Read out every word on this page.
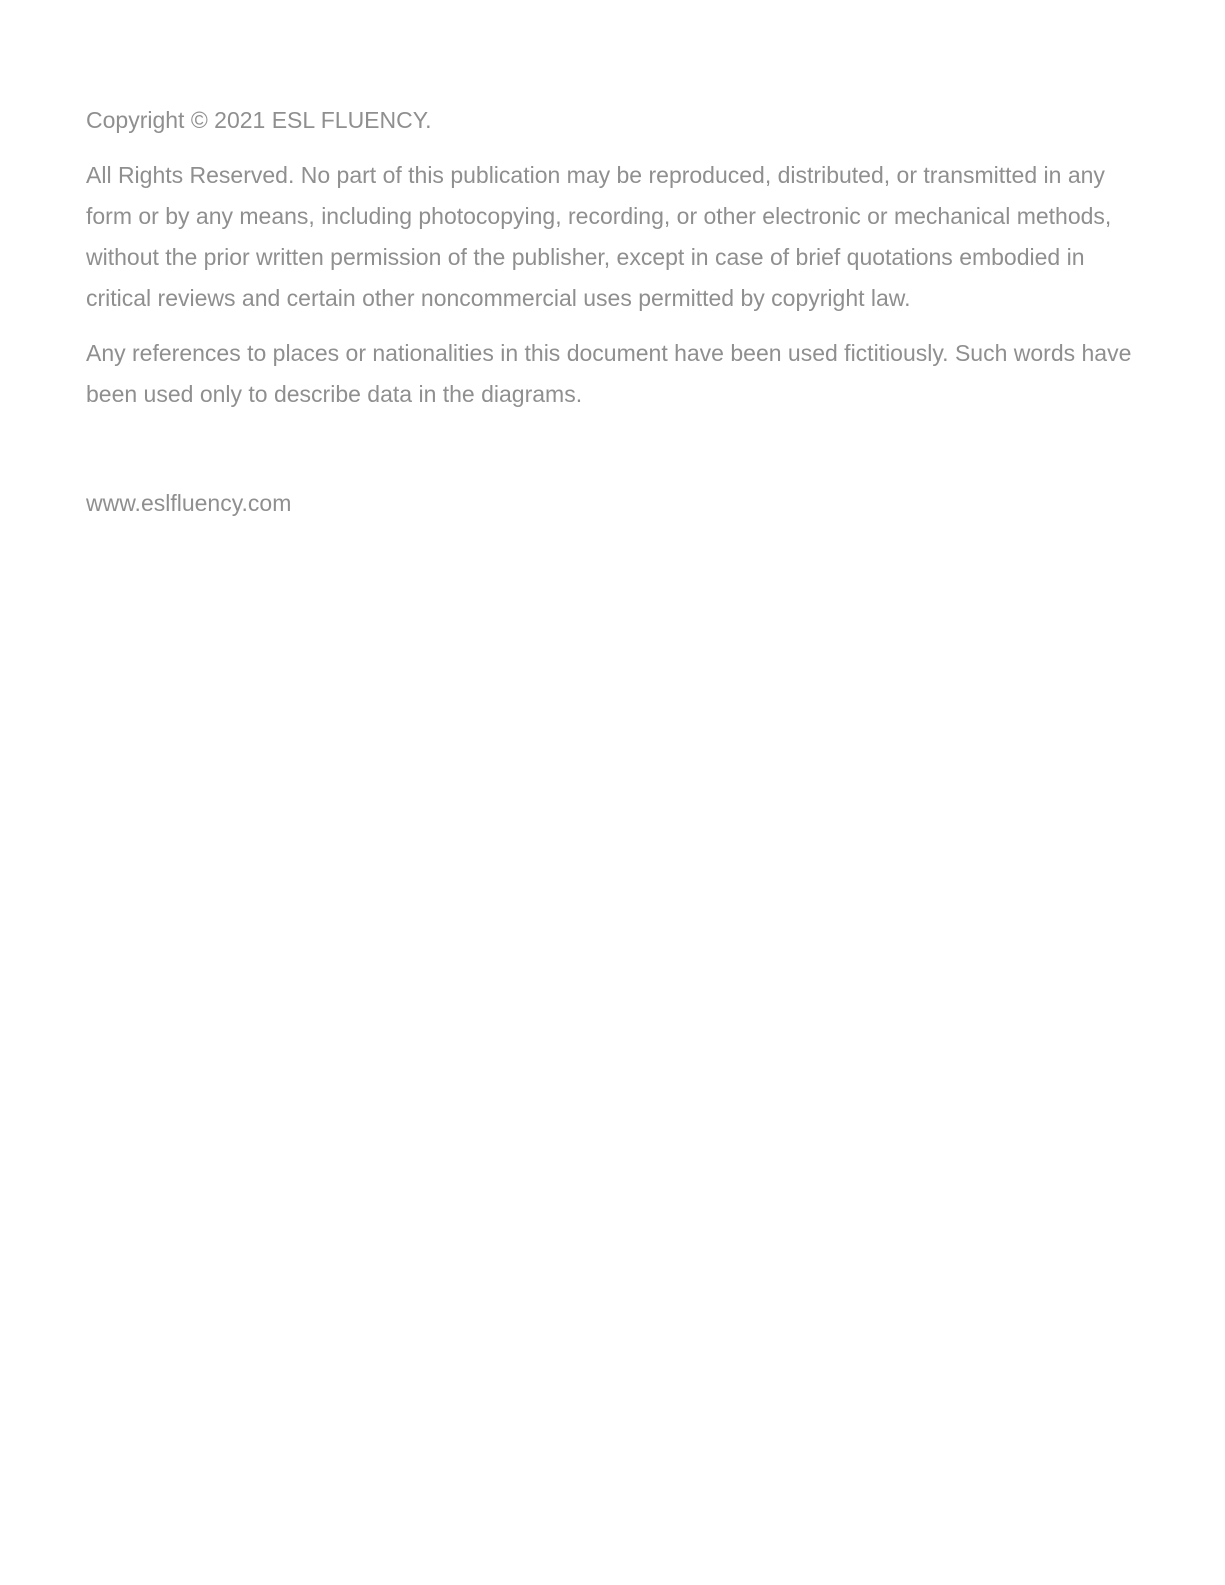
Copyright © 2021 ESL FLUENCY.

All Rights Reserved. No part of this publication may be reproduced, distributed, or transmitted in any form or by any means, including photocopying, recording, or other electronic or mechanical methods, without the prior written permission of the publisher, except in case of brief quotations embodied in critical reviews and certain other noncommercial uses permitted by copyright law.

Any references to places or nationalities in this document have been used fictitiously. Such words have been used only to describe data in the diagrams.

www.eslfluency.com
